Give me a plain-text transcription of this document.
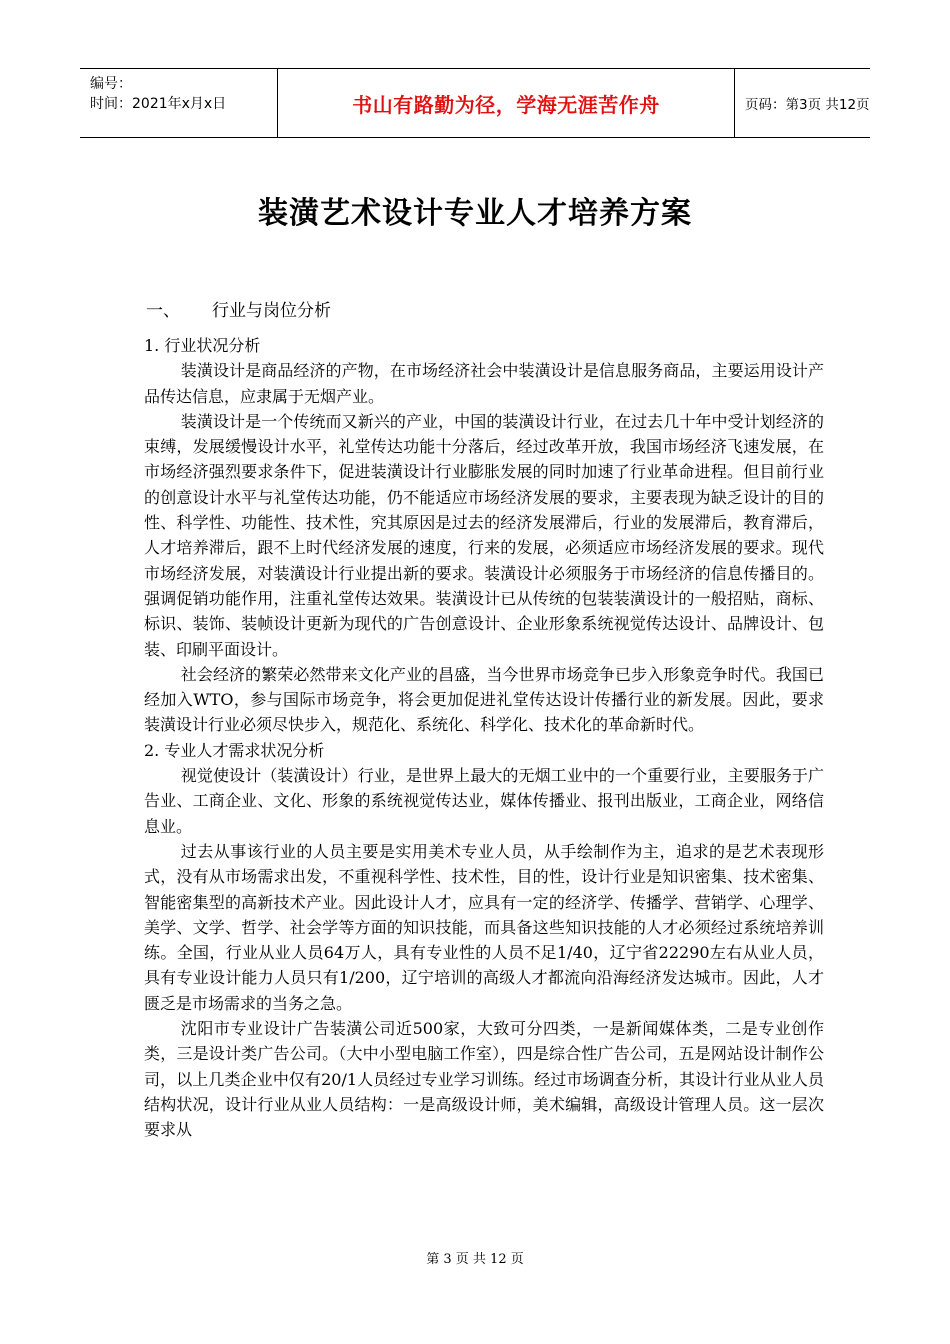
编号：
时间：2021年x月x日	书山有路勤为径，学海无涯苦作舟	页码：第3页 共12页
装潢艺术设计专业人才培养方案
一、 行业与岗位分析

1. 行业状况分析

装潢设计是商品经济的产物，在市场经济社会中装潢设计是信息服务商品，主要运用设计产品传达信息，应隶属于无烟产业。

装潢设计是一个传统而又新兴的产业，中国的装潢设计行业，在过去几十年中受计划经济的束缚，发展缓慢设计水平，礼堂传达功能十分落后，经过改革开放，我国市场经济飞速发展，在市场经济强烈要求条件下，促进装潢设计行业膨胀发展的同时加速了行业革命进程。但目前行业的创意设计水平与礼堂传达功能，仍不能适应市场经济发展的要求，主要表现为缺乏设计的目的性、科学性、功能性、技术性，究其原因是过去的经济发展滞后，行业的发展滞后，教育滞后，人才培养滞后，跟不上时代经济发展的速度，行来的发展，必须适应市场经济发展的要求。现代市场经济发展，对装潢设计行业提出新的要求。装潢设计必须服务于市场经济的信息传播目的。强调促销功能作用，注重礼堂传达效果。装潢设计已从传统的包装装潢设计的一般招贴，商标、标识、装饰、装帧设计更新为现代的广告创意设计、企业形象系统视觉传达设计、品牌设计、包装、印刷平面设计。

社会经济的繁荣必然带来文化产业的昌盛，当今世界市场竞争已步入形象竞争时代。我国已经加入WTO，参与国际市场竞争，将会更加促进礼堂传达设计传播行业的新发展。因此，要求装潢设计行业必须尽快步入，规范化、系统化、科学化、技术化的革命新时代。

2. 专业人才需求状况分析

视觉使设计（装潢设计）行业，是世界上最大的无烟工业中的一个重要行业，主要服务于广告业、工商企业、文化、形象的系统视觉传达业，媒体传播业、报刊出版业，工商企业，网络信息业。

过去从事该行业的人员主要是实用美术专业人员，从手绘制作为主，追求的是艺术表现形式，没有从市场需求出发，不重视科学性、技术性，目的性，设计行业是知识密集、技术密集、智能密集型的高新技术产业。因此设计人才，应具有一定的经济学、传播学、营销学、心理学、美学、文学、哲学、社会学等方面的知识技能，而具备这些知识技能的人才必须经过系统培养训练。全国，行业从业人员64万人，具有专业性的人员不足1/40，辽宁省22290左右从业人员，具有专业设计能力人员只有1/200，辽宁培训的高级人才都流向沿海经济发达城市。因此，人才匮乏是市场需求的当务之急。

沈阳市专业设计广告装潢公司近500家，大致可分四类，一是新闻媒体类，二是专业创作类，三是设计类广告公司。（大中小型电脑工作室），四是综合性广告公司，五是网站设计制作公司，以上几类企业中仅有20/1人员经过专业学习训练。经过市场调查分析，其设计行业从业人员结构状况，设计行业从业人员结构：一是高级设计师，美术编辑，高级设计管理人员。这一层次要求从

第 3 页 共 12 页
